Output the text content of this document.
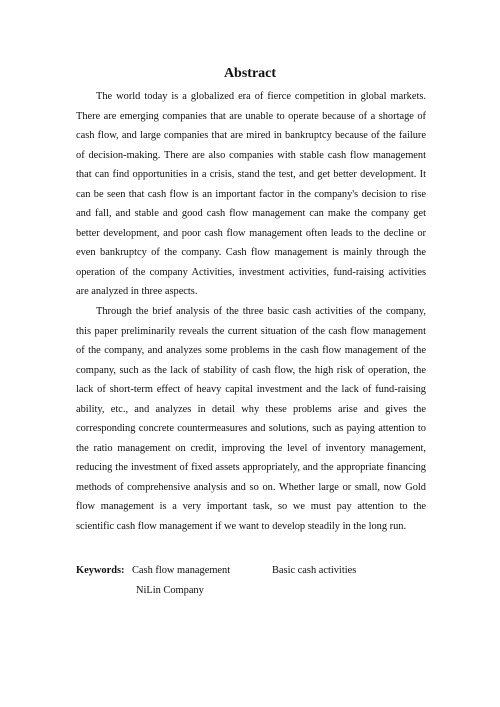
Abstract

The world today is a globalized era of fierce competition in global markets. There are emerging companies that are unable to operate because of a shortage of cash flow, and large companies that are mired in bankruptcy because of the failure of decision-making. There are also companies with stable cash flow management that can find opportunities in a crisis, stand the test, and get better development. It can be seen that cash flow is an important factor in the company's decision to rise and fall, and stable and good cash flow management can make the company get better development, and poor cash flow management often leads to the decline or even bankruptcy of the company. Cash flow management is mainly through the operation of the company Activities, investment activities, fund-raising activities are analyzed in three aspects.

Through the brief analysis of the three basic cash activities of the company, this paper preliminarily reveals the current situation of the cash flow management of the company, and analyzes some problems in the cash flow management of the company, such as the lack of stability of cash flow, the high risk of operation, the lack of short-term effect of heavy capital investment and the lack of fund-raising ability, etc., and analyzes in detail why these problems arise and gives the corresponding concrete countermeasures and solutions, such as paying attention to the ratio management on credit, improving the level of inventory management, reducing the investment of fixed assets appropriately, and the appropriate financing methods of comprehensive analysis and so on. Whether large or small, now Gold flow management is a very important task, so we must pay attention to the scientific cash flow management if we want to develop steadily in the long run.

Keywords: Cash flow management	Basic cash activities
NiLin Company
